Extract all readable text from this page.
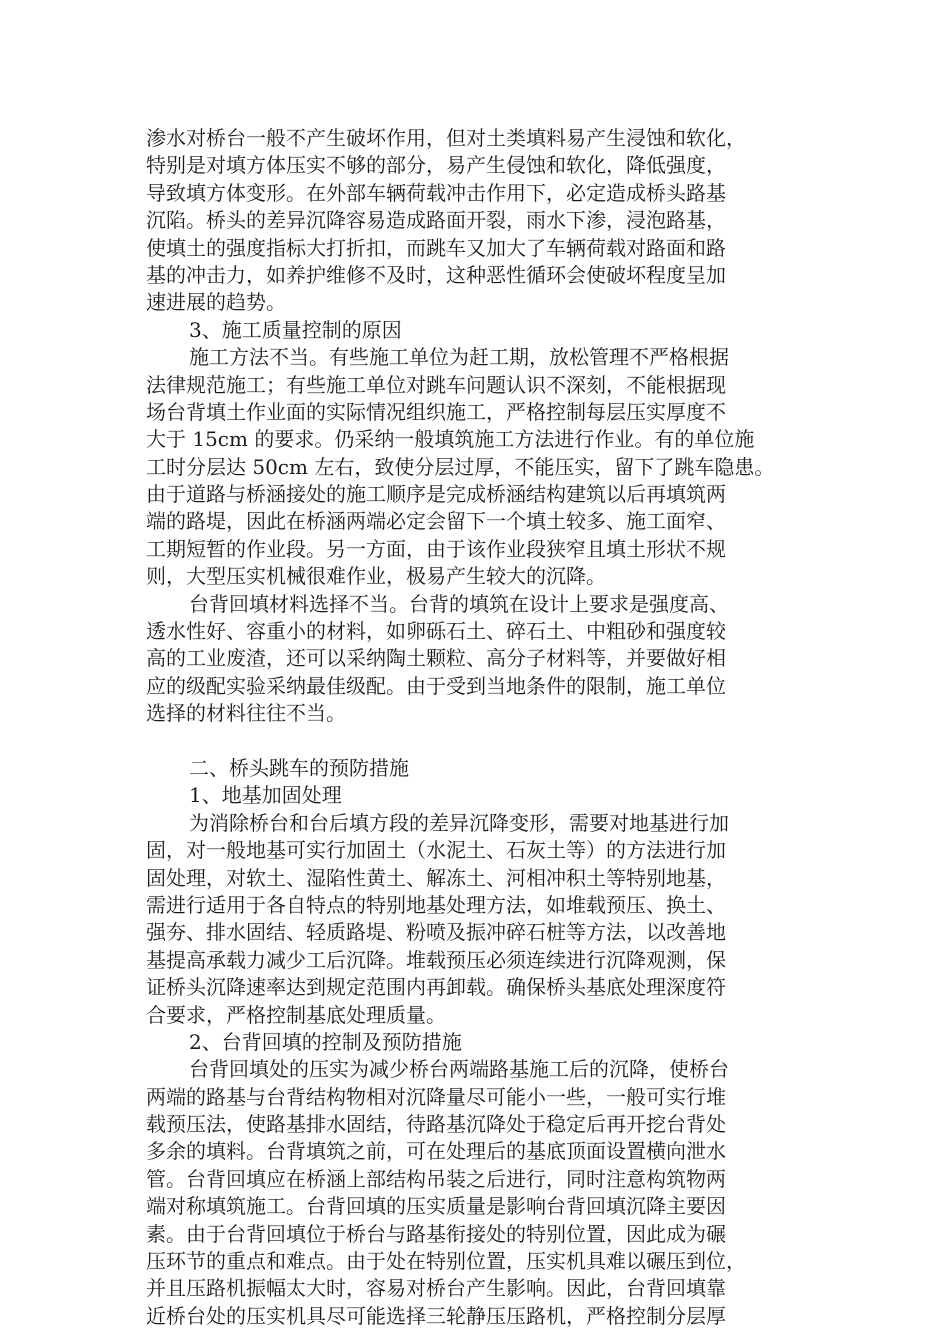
渗水对桥台一般不产生破坏作用，但对土类填料易产生浸蚀和软化，
特别是对填方体压实不够的部分，易产生侵蚀和软化，降低强度，
导致填方体变形。在外部车辆荷载冲击作用下，必定造成桥头路基
沉陷。桥头的差异沉降容易造成路面开裂，雨水下渗，浸泡路基，
使填土的强度指标大打折扣，而跳车又加大了车辆荷载对路面和路
基的冲击力，如养护维修不及时，这种恶性循环会使破坏程度呈加
速进展的趋势。
3、施工质量控制的原因
施工方法不当。有些施工单位为赶工期，放松管理不严格根据
法律规范施工；有些施工单位对跳车问题认识不深刻，不能根据现
场台背填土作业面的实际情况组织施工，严格控制每层压实厚度不
大于 15cm 的要求。仍采纳一般填筑施工方法进行作业。有的单位施
工时分层达 50cm 左右，致使分层过厚，不能压实，留下了跳车隐患。
由于道路与桥涵接处的施工顺序是完成桥涵结构建筑以后再填筑两
端的路堤，因此在桥涵两端必定会留下一个填土较多、施工面窄、
工期短暂的作业段。另一方面，由于该作业段狭窄且填土形状不规
则，大型压实机械很难作业，极易产生较大的沉降。
台背回填材料选择不当。台背的填筑在设计上要求是强度高、
透水性好、容重小的材料，如卵砾石土、碎石土、中粗砂和强度较
高的工业废渣，还可以采纳陶土颗粒、高分子材料等，并要做好相
应的级配实验采纳最佳级配。由于受到当地条件的限制，施工单位
选择的材料往往不当。
二、桥头跳车的预防措施
1、地基加固处理
为消除桥台和台后填方段的差异沉降变形，需要对地基进行加
固，对一般地基可实行加固土（水泥土、石灰土等）的方法进行加
固处理，对软土、湿陷性黄土、解冻土、河相冲积土等特别地基，
需进行适用于各自特点的特别地基处理方法，如堆载预压、换土、
强夯、排水固结、轻质路堤、粉喷及振冲碎石桩等方法，以改善地
基提高承载力减少工后沉降。堆载预压必须连续进行沉降观测，保
证桥头沉降速率达到规定范围内再卸载。确保桥头基底处理深度符
合要求，严格控制基底处理质量。
2、台背回填的控制及预防措施
台背回填处的压实为减少桥台两端路基施工后的沉降，使桥台
两端的路基与台背结构物相对沉降量尽可能小一些，一般可实行堆
载预压法，使路基排水固结，待路基沉降处于稳定后再开挖台背处
多余的填料。台背填筑之前，可在处理后的基底顶面设置横向泄水
管。台背回填应在桥涵上部结构吊装之后进行，同时注意构筑物两
端对称填筑施工。台背回填的压实质量是影响台背回填沉降主要因
素。由于台背回填位于桥台与路基衔接处的特别位置，因此成为碾
压环节的重点和难点。由于处在特别位置，压实机具难以碾压到位，
并且压路机振幅太大时，容易对桥台产生影响。因此，台背回填靠
近桥台处的压实机具尽可能选择三轮静压压路机，严格控制分层厚
